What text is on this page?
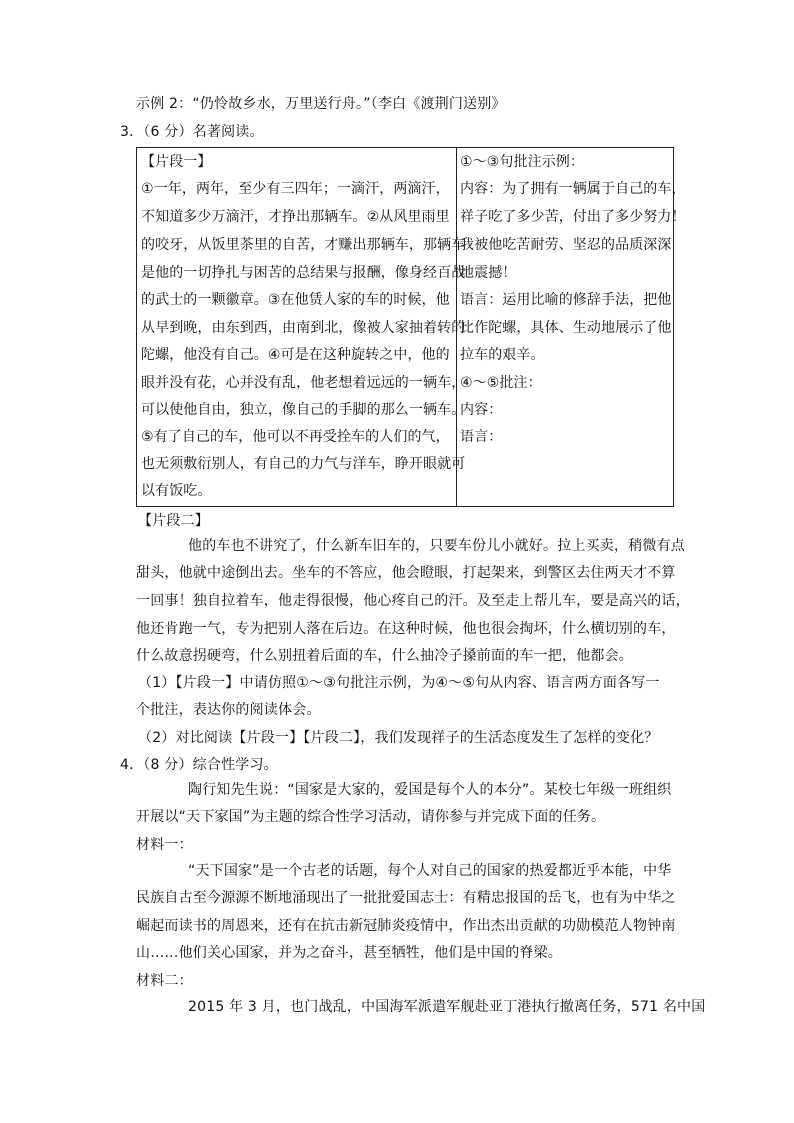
示例 2：“仍怜故乡水，万里送行舟。”（李白《渡荆门送别》
3．（6 分）名著阅读。
【片段一】
①一年，两年，至少有三四年；一滴汗，两滴汗，
不知道多少万滴汗，才挣出那辆车。②从风里雨里
的咬牙，从饭里茶里的自苦，才赚出那辆车，那辆车
是他的一切挣扎与困苦的总结果与报酬，像身经百战
的武士的一颗徽章。③在他赁人家的车的时候，他
从早到晚，由东到西，由南到北，像被人家抽着转的
陀螺，他没有自己。④可是在这种旋转之中，他的
眼并没有花，心并没有乱，他老想着远远的一辆车，
可以使他自由，独立，像自己的手脚的那么一辆车。
⑤有了自己的车，他可以不再受拴车的人们的气，
也无须敷衍别人，有自己的力气与洋车，睁开眼就可
以有饭吃。
①～③句批注示例：
内容：为了拥有一辆属于自己的车，
祥子吃了多少苦，付出了多少努力！
我被他吃苦耐劳、坚忍的品质深深
地震撼！
语言：运用比喻的修辞手法，把他
比作陀螺，具体、生动地展示了他
拉车的艰辛。
④～⑤批注：
内容：
语言：
【片段二】
他的车也不讲究了，什么新车旧车的，只要车份儿小就好。拉上买卖，稍微有点
甜头，他就中途倒出去。坐车的不答应，他会瞪眼，打起架来，到警区去住两天才不算
一回事！独自拉着车，他走得很慢，他心疼自己的汗。及至走上帮儿车，要是高兴的话，
他还肯跑一气，专为把别人落在后边。在这种时候，他也很会掏坏，什么横切别的车，
什么故意拐硬弯，什么别扭着后面的车，什么抽冷子搡前面的车一把，他都会。
（1）【片段一】中请仿照①～③句批注示例，为④～⑤句从内容、语言两方面各写一
个批注，表达你的阅读体会。
（2）对比阅读【片段一】【片段二】，我们发现祥子的生活态度发生了怎样的变化？
4．（8 分）综合性学习。
陶行知先生说：“国家是大家的，爱国是每个人的本分”。某校七年级一班组织
开展以“天下家国”为主题的综合性学习活动，请你参与并完成下面的任务。
材料一：
“天下国家”是一个古老的话题，每个人对自己的国家的热爱都近乎本能，中华
民族自古至今源源不断地涌现出了一批批爱国志士：有精忠报国的岳飞，也有为中华之
崛起而读书的周恩来，还有在抗击新冠肺炎疫情中，作出杰出贡献的功勋模范人物钟南
山……他们关心国家，并为之奋斗，甚至牺牲，他们是中国的脊梁。
材料二：
2015 年 3 月，也门战乱，中国海军派遣军舰赴亚丁港执行撤离任务，571 名中国
